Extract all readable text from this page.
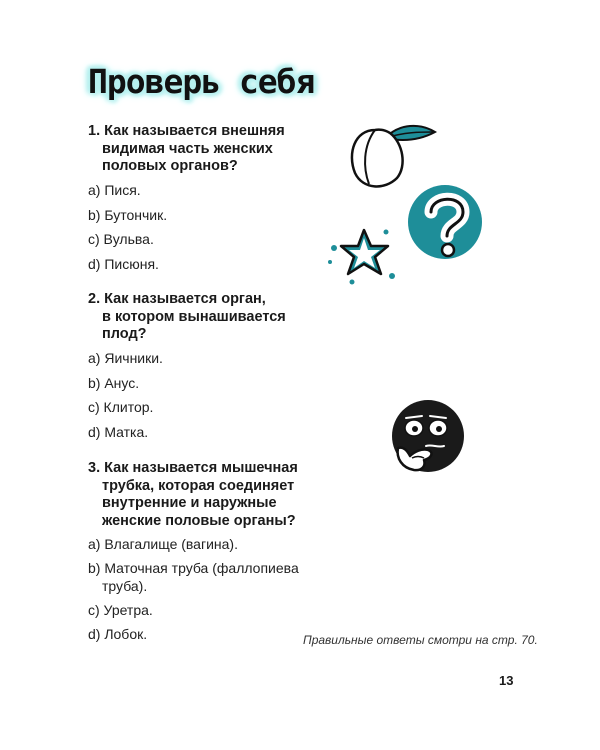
Проверь себя
1. Как называется внешняя
видимая часть женских
половых органов?
a) Пися.
b) Бутончик.
c) Вульва.
d) Писюня.
2. Как называется орган,
в котором вынашивается
плод?
a) Яичники.
b) Анус.
c) Клитор.
d) Матка.
3. Как называется мышечная
трубка, которая соединяет
внутренние и наружные
женские половые органы?
a) Влагалище (вагина).
b) Маточная труба (фаллопиева
труба).
c) Уретра.
d) Лобок.	Правильные ответы смотри на стр. 70.
13
